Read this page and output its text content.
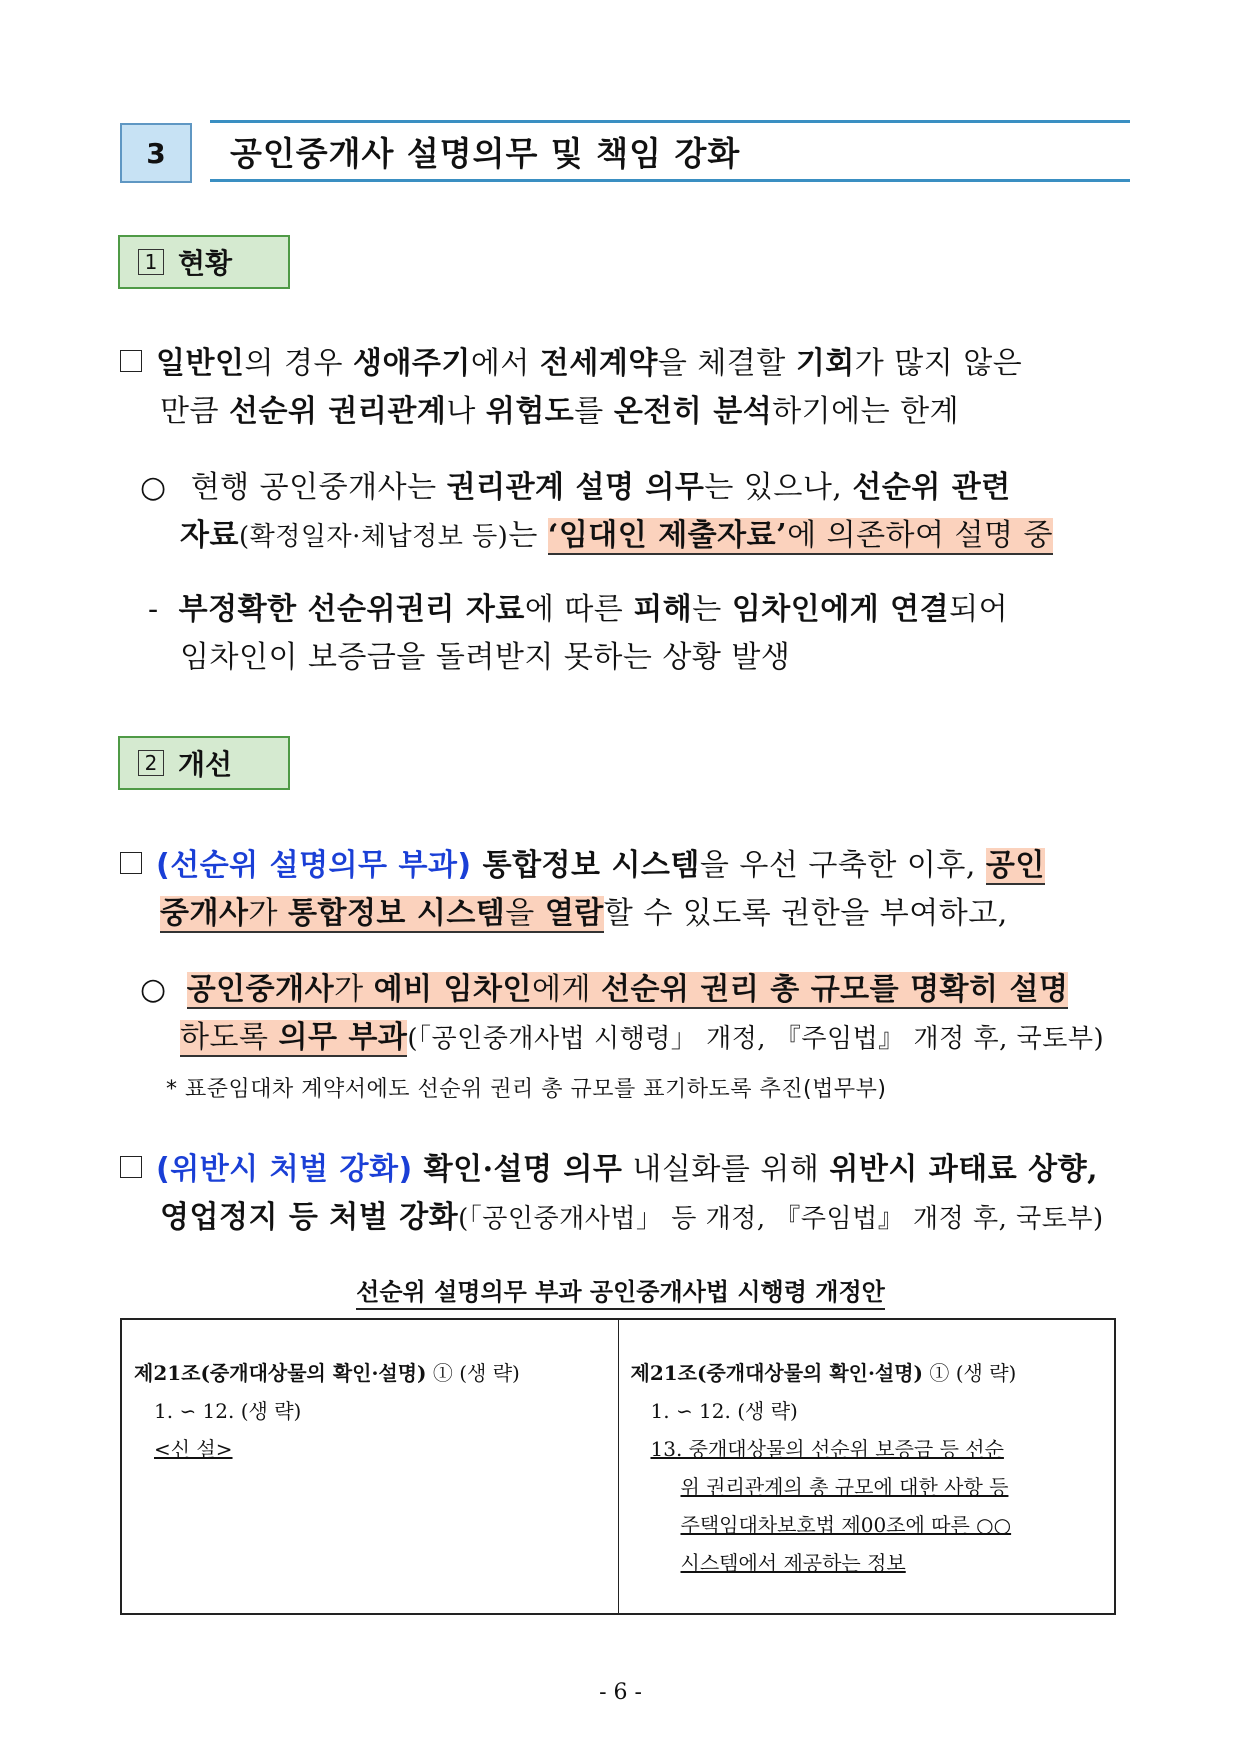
3	공인중개사 설명의무 및 책임 강화
1 현황
일반인의 경우 생애주기에서 전세계약을 체결할 기회가 많지 않은
만큼 선순위 권리관계나 위험도를 온전히 분석하기에는 한계
○ 현행 공인중개사는 권리관계 설명 의무는 있으나, 선순위 관련
자료(확정일자·체납정보 등)는 ‘임대인 제출자료’에 의존하여 설명 중
- 부정확한 선순위권리 자료에 따른 피해는 임차인에게 연결되어
임차인이 보증금을 돌려받지 못하는 상황 발생
2 개선
(선순위 설명의무 부과) 통합정보 시스템을 우선 구축한 이후, 공인
중개사가 통합정보 시스템을 열람할 수 있도록 권한을 부여하고,
○ 공인중개사가 예비 임차인에게 선순위 권리 총 규모를 명확히 설명
하도록 의무 부과(「공인중개사법 시행령」 개정, 『주임법』 개정 후, 국토부)
* 표준임대차 계약서에도 선순위 권리 총 규모를 표기하도록 추진(법무부)
(위반시 처벌 강화) 확인·설명 의무 내실화를 위해 위반시 과태료 상향,
영업정지 등 처벌 강화(「공인중개사법」 등 개정, 『주임법』 개정 후, 국토부)
선순위 설명의무 부과 공인중개사법 시행령 개정안
제21조(중개대상물의 확인·설명) ① (생 략)
1. ∽ 12. (생 략)
<신 설>
제21조(중개대상물의 확인·설명) ① (생 략)
1. ∽ 12. (생 략)
13. 중개대상물의 선순위 보증금 등 선순
위 권리관계의 총 규모에 대한 사항 등
주택임대차보호법 제00조에 따른 ○○
시스템에서 제공하는 정보
- 6 -
